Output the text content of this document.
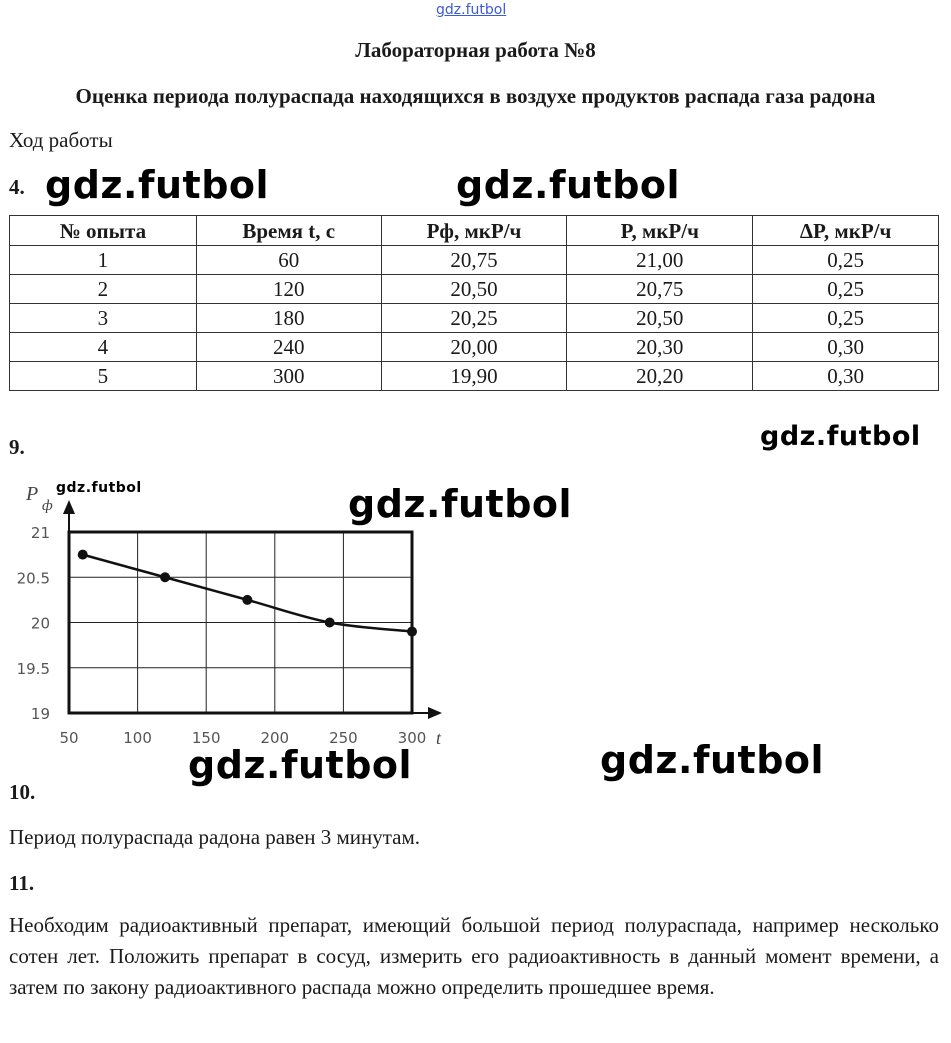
gdz.futbol
Лабораторная работа №8
Оценка периода полураспада находящихся в воздухе продуктов распада газа радона
Ход работы
4. gdz.futbol	gdz.futbol
№ опыта	Время t, с	Pф, мкР/ч	P, мкР/ч	ΔP, мкР/ч
1	60	20,75	21,00	0,25
2	120	20,50	20,75	0,25
3	180	20,25	20,50	0,25
4	240	20,00	20,30	0,30
5	300	19,90	20,20	0,30
9.	gdz.futbol
gdz.futbol
gdz.futbol
50	100	150	200	250	300
21
20.5
20
19.5
19
P
ф
t
gdz.futbol	gdz.futbol
10.
Период полураспада радона равен 3 минутам.
11.
Необходим радиоактивный препарат, имеющий большой период полураспада, например несколько сотен лет. Положить препарат в сосуд, измерить его радиоактивность в данный момент времени, а затем по закону радиоактивного распада можно определить прошедшее время.
